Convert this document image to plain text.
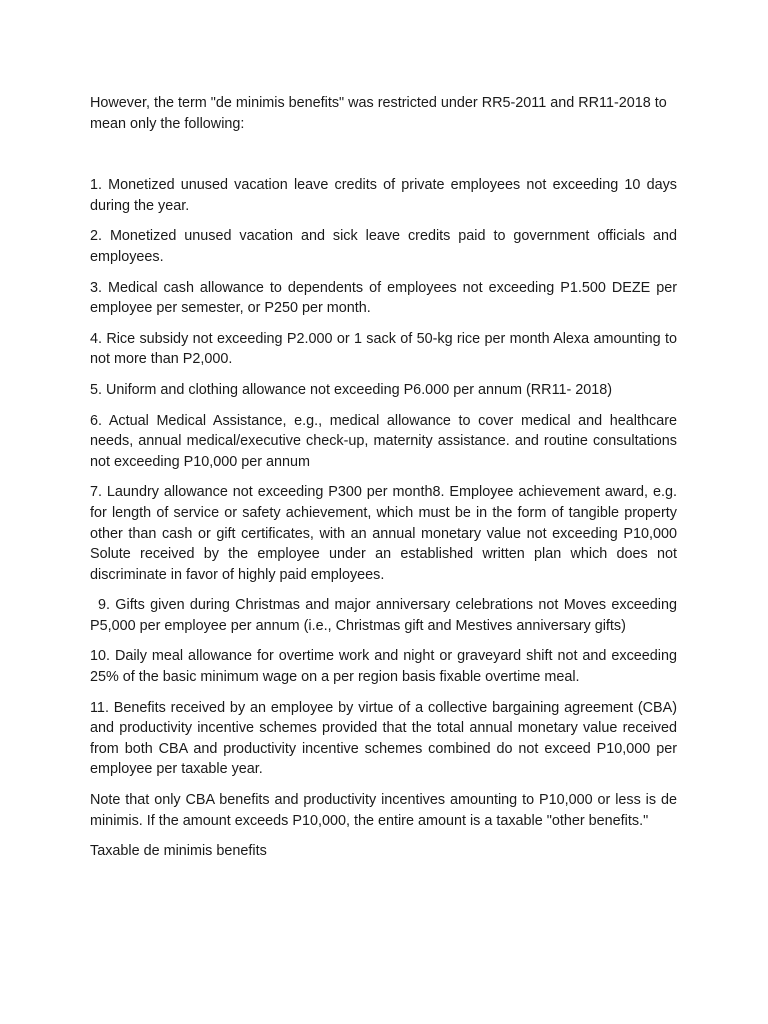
However, the term "de minimis benefits" was restricted under RR5-2011 and RR11-2018 to mean only the following:

1. Monetized unused vacation leave credits of private employees not exceeding 10 days during the year.

2. Monetized unused vacation and sick leave credits paid to government officials and employees.

3. Medical cash allowance to dependents of employees not exceeding P1.500 DEZE per employee per semester, or P250 per month.

4. Rice subsidy not exceeding P2.000 or 1 sack of 50-kg rice per month Alexa amounting to not more than P2,000.

5. Uniform and clothing allowance not exceeding P6.000 per annum (RR11- 2018)

6. Actual Medical Assistance, e.g., medical allowance to cover medical and healthcare needs, annual medical/executive check-up, maternity assistance. and routine consultations not exceeding P10,000 per annum

7. Laundry allowance not exceeding P300 per month8. Employee achievement award, e.g. for length of service or safety achievement, which must be in the form of tangible property other than cash or gift certificates, with an annual monetary value not exceeding P10,000 Solute received by the employee under an established written plan which does not discriminate in favor of highly paid employees.

9. Gifts given during Christmas and major anniversary celebrations not Moves exceeding P5,000 per employee per annum (i.e., Christmas gift and Mestives anniversary gifts)

10. Daily meal allowance for overtime work and night or graveyard shift not and exceeding 25% of the basic minimum wage on a per region basis fixable overtime meal.

11. Benefits received by an employee by virtue of a collective bargaining agreement (CBA) and productivity incentive schemes provided that the total annual monetary value received from both CBA and productivity incentive schemes combined do not exceed P10,000 per employee per taxable year.

Note that only CBA benefits and productivity incentives amounting to P10,000 or less is de minimis. If the amount exceeds P10,000, the entire amount is a taxable "other benefits."

Taxable de minimis benefits
